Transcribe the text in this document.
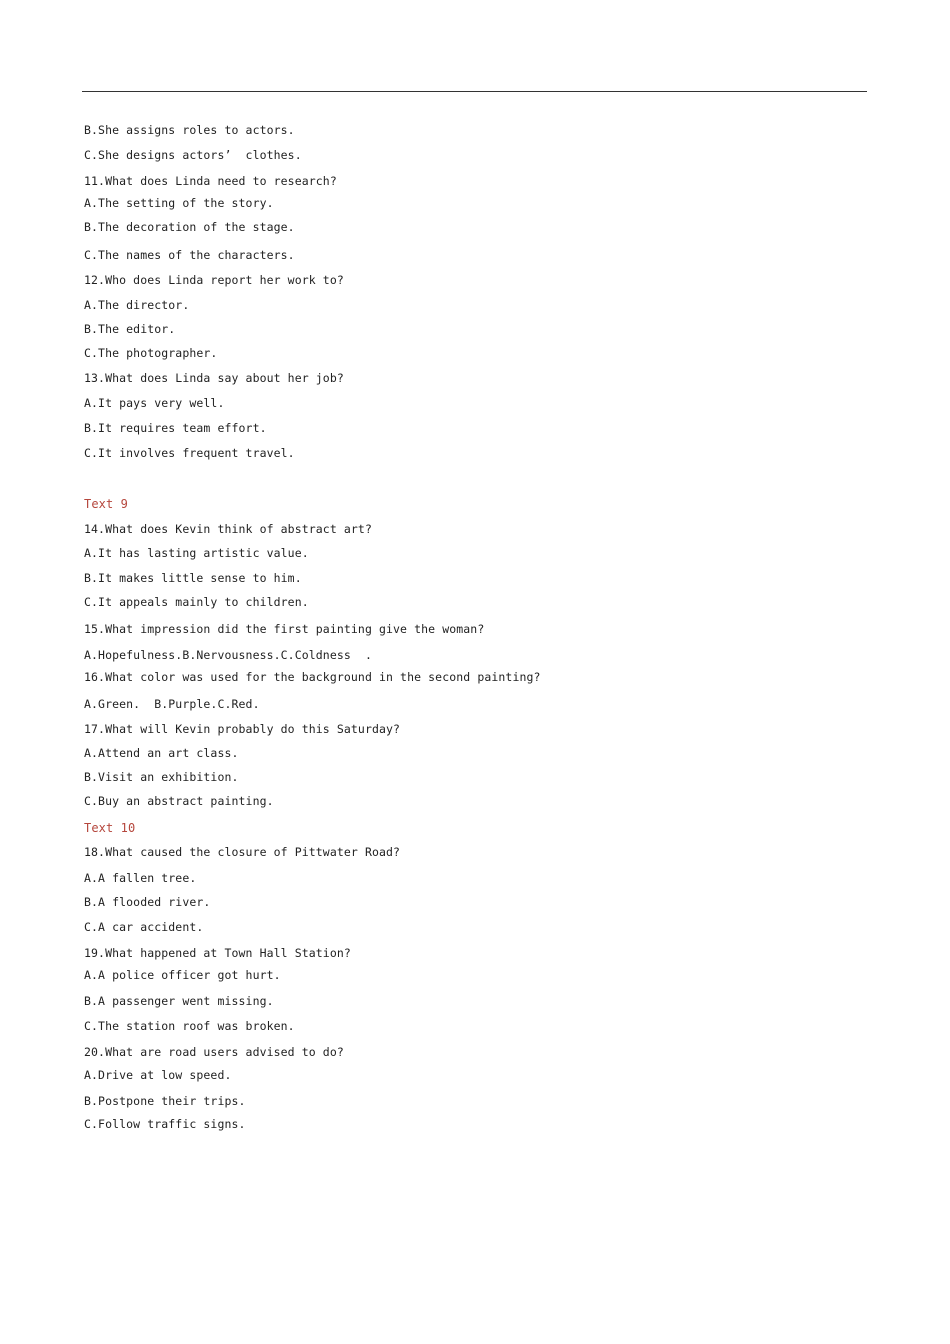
B.She assigns roles to actors.
C.She designs actors’  clothes.
11.What does Linda need to research?
A.The setting of the story.
B.The decoration of the stage.
C.The names of the characters.
12.Who does Linda report her work to?
A.The director.
B.The editor.
C.The photographer.
13.What does Linda say about her job?
A.It pays very well.
B.It requires team effort.
C.It involves frequent travel.
Text 9
14.What does Kevin think of abstract art?
A.It has lasting artistic value.
B.It makes little sense to him.
C.It appeals mainly to children.
15.What impression did the first painting give the woman?
A.Hopefulness.B.Nervousness.C.Coldness  .
16.What color was used for the background in the second painting?
A.Green.  B.Purple.C.Red.
17.What will Kevin probably do this Saturday?
A.Attend an art class.
B.Visit an exhibition.
C.Buy an abstract painting.
Text 10
18.What caused the closure of Pittwater Road?
A.A fallen tree.
B.A flooded river.
C.A car accident.
19.What happened at Town Hall Station?
A.A police officer got hurt.
B.A passenger went missing.
C.The station roof was broken.
20.What are road users advised to do?
A.Drive at low speed.
B.Postpone their trips.
C.Follow traffic signs.
